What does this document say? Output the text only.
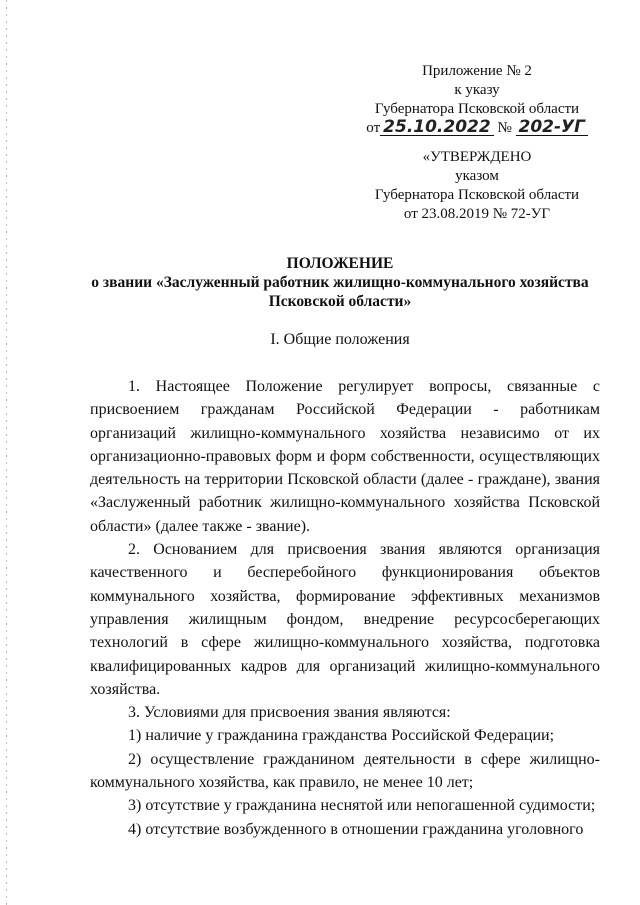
Приложение № 2
к указу
Губернатора Псковской области
от 25.10.2022 № 202-УГ
«УТВЕРЖДЕНО
указом
Губернатора Псковской области
от 23.08.2019 № 72-УГ
ПОЛОЖЕНИЕ
о звании «Заслуженный работник жилищно-коммунального хозяйства
Псковской области»
I. Общие положения

1. Настоящее Положение регулирует вопросы, связанные с присвоением гражданам Российской Федерации - работникам организаций жилищно-коммунального хозяйства независимо от их организационно-правовых форм и форм собственности, осуществляющих деятельность на территории Псковской области (далее - граждане), звания «Заслуженный работник жилищно-коммунального хозяйства Псковской области» (далее также - звание).

2. Основанием для присвоения звания являются организация качественного и бесперебойного функционирования объектов коммунального хозяйства, формирование эффективных механизмов управления жилищным фондом, внедрение ресурсосберегающих технологий в сфере жилищно-коммунального хозяйства, подготовка квалифицированных кадров для организаций жилищно-коммунального хозяйства.

3. Условиями для присвоения звания являются:

1) наличие у гражданина гражданства Российской Федерации;

2) осуществление гражданином деятельности в сфере жилищно-коммунального хозяйства, как правило, не менее 10 лет;

3) отсутствие у гражданина неснятой или непогашенной судимости;

4) отсутствие возбужденного в отношении гражданина уголовного
